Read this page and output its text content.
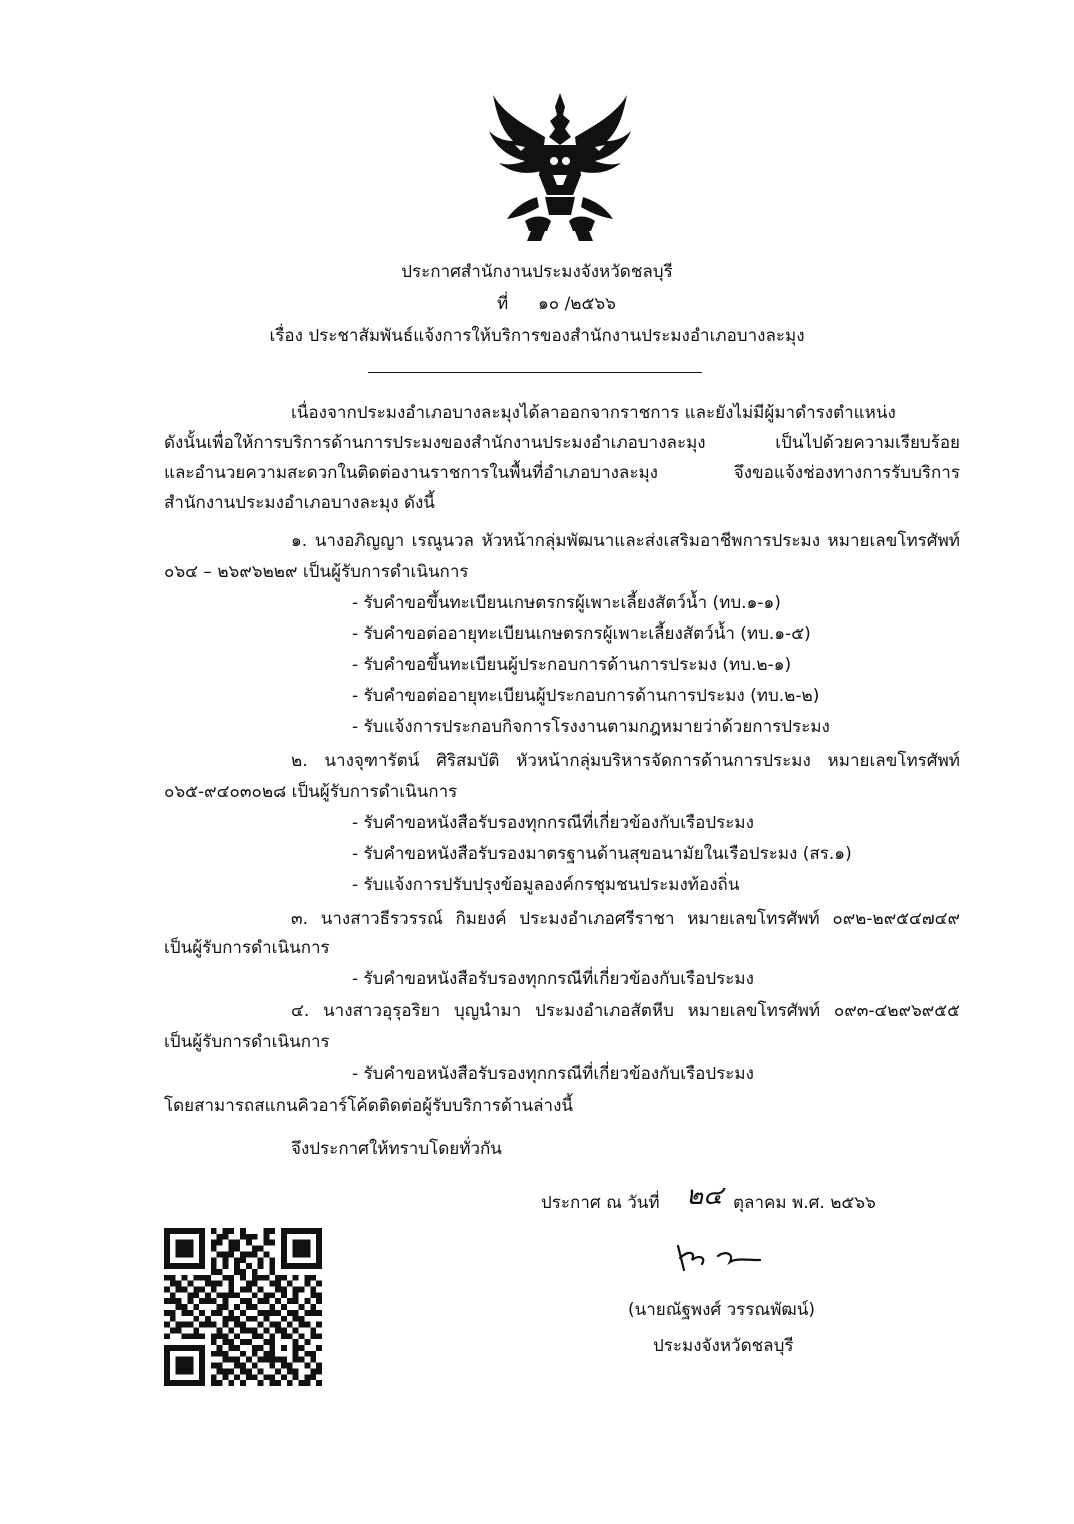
ประกาศสำนักงานประมงจังหวัดชลบุรี
ที่ ๑๐ /๒๕๖๖
เรื่อง ประชาสัมพันธ์แจ้งการให้บริการของสำนักงานประมงอำเภอบางละมุง
เนื่องจากประมงอำเภอบางละมุงได้ลาออกจากราชการ และยังไม่มีผู้มาดำรงตำแหน่ง
ดังนั้นเพื่อให้การบริการด้านการประมงของสำนักงานประมงอำเภอบางละมุง เป็นไปด้วยความเรียบร้อย
และอำนวยความสะดวกในติดต่องานราชการในพื้นที่อำเภอบางละมุง จึงขอแจ้งช่องทางการรับบริการ
สำนักงานประมงอำเภอบางละมุง ดังนี้
๑. นางอภิญญา เรณูนวล หัวหน้ากลุ่มพัฒนาและส่งเสริมอาชีพการประมง หมายเลขโทรศัพท์
๐๖๔ – ๒๖๙๖๒๒๙ เป็นผู้รับการดำเนินการ
- รับคำขอขึ้นทะเบียนเกษตรกรผู้เพาะเลี้ยงสัตว์น้ำ (ทบ.๑-๑)
- รับคำขอต่ออายุทะเบียนเกษตรกรผู้เพาะเลี้ยงสัตว์น้ำ (ทบ.๑-๕)
- รับคำขอขึ้นทะเบียนผู้ประกอบการด้านการประมง (ทบ.๒-๑)
- รับคำขอต่ออายุทะเบียนผู้ประกอบการด้านการประมง (ทบ.๒-๒)
- รับแจ้งการประกอบกิจการโรงงานตามกฎหมายว่าด้วยการประมง
๒. นางจุฑารัตน์ ศิริสมบัติ หัวหน้ากลุ่มบริหารจัดการด้านการประมง หมายเลขโทรศัพท์
๐๖๕-๙๔๐๓๐๒๘ เป็นผู้รับการดำเนินการ
- รับคำขอหนังสือรับรองทุกกรณีที่เกี่ยวข้องกับเรือประมง
- รับคำขอหนังสือรับรองมาตรฐานด้านสุขอนามัยในเรือประมง (สร.๑)
- รับแจ้งการปรับปรุงข้อมูลองค์กรชุมชนประมงท้องถิ่น
๓. นางสาวธีรวรรณ์ กิมยงค์ ประมงอำเภอศรีราชา หมายเลขโทรศัพท์ ๐๙๒-๒๙๕๔๗๔๙
เป็นผู้รับการดำเนินการ
- รับคำขอหนังสือรับรองทุกกรณีที่เกี่ยวข้องกับเรือประมง
๔. นางสาวอุรุอริยา บุญนำมา ประมงอำเภอสัตหีบ หมายเลขโทรศัพท์ ๐๙๓-๔๒๙๖๙๕๕
เป็นผู้รับการดำเนินการ
- รับคำขอหนังสือรับรองทุกกรณีที่เกี่ยวข้องกับเรือประมง
โดยสามารถสแกนคิวอาร์โค้ดติดต่อผู้รับบริการด้านล่างนี้
จึงประกาศให้ทราบโดยทั่วกัน
ประกาศ ณ วันที่ ๒๔ ตุลาคม พ.ศ. ๒๕๖๖
(นายณัฐพงศ์ วรรณพัฒน์)
ประมงจังหวัดชลบุรี
